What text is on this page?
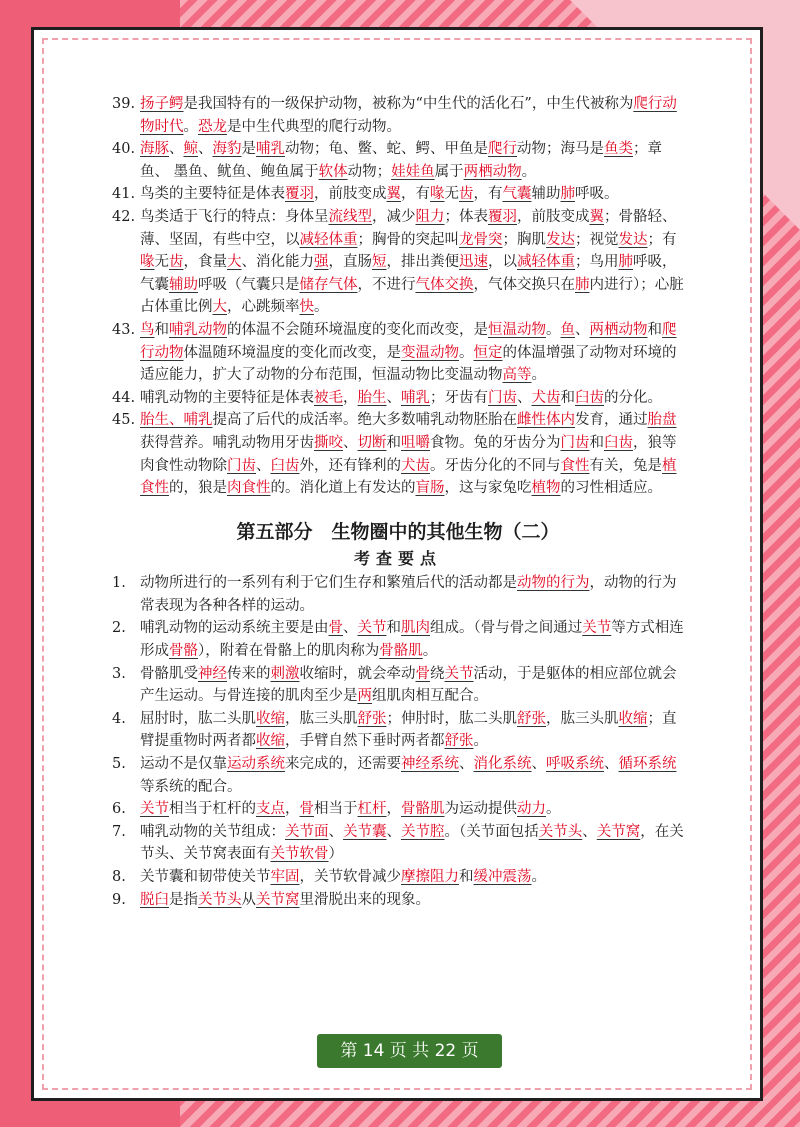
39. 扬子鳄是我国特有的一级保护动物，被称为“中生代的活化石”，中生代被称为爬行动物时代。恐龙是中生代典型的爬行动物。
40. 海豚、鲸、海豹是哺乳动物；龟、鳖、蛇、鳄、甲鱼是爬行动物；海马是鱼类；章鱼、 墨鱼、鱿鱼、鲍鱼属于软体动物；娃娃鱼属于两栖动物。
41. 鸟类的主要特征是体表覆羽，前肢变成翼，有喙无齿，有气囊辅助肺呼吸。
42. 鸟类适于飞行的特点：身体呈流线型，减少阻力；体表覆羽，前肢变成翼；骨骼轻、薄、坚固，有些中空，以减轻体重；胸骨的突起叫龙骨突；胸肌发达；视觉发达；有喙无齿，食量大、消化能力强，直肠短，排出粪便迅速，以减轻体重；鸟用肺呼吸，气囊辅助呼吸（气囊只是储存气体，不进行气体交换，气体交换只在肺内进行）；心脏占体重比例大，心跳频率快。
43. 鸟和哺乳动物的体温不会随环境温度的变化而改变，是恒温动物。鱼、两栖动物和爬行动物体温随环境温度的变化而改变，是变温动物。恒定的体温增强了动物对环境的适应能力，扩大了动物的分布范围，恒温动物比变温动物高等。
44. 哺乳动物的主要特征是体表被毛，胎生、哺乳；牙齿有门齿、犬齿和臼齿的分化。
45. 胎生、哺乳提高了后代的成活率。绝大多数哺乳动物胚胎在雌性体内发育，通过胎盘获得营养。哺乳动物用牙齿撕咬、切断和咀嚼食物。兔的牙齿分为门齿和臼齿，狼等肉食性动物除门齿、臼齿外，还有锋利的犬齿。牙齿分化的不同与食性有关，兔是植食性的，狼是肉食性的。消化道上有发达的盲肠，这与家兔吃植物的习性相适应。
第五部分　生物圈中的其他生物（二）
考查要点
1. 动物所进行的一系列有利于它们生存和繁殖后代的活动都是动物的行为，动物的行为常表现为各种各样的运动。
2. 哺乳动物的运动系统主要是由骨、关节和肌肉组成。（骨与骨之间通过关节等方式相连形成骨骼），附着在骨骼上的肌肉称为骨骼肌。
3. 骨骼肌受神经传来的刺激收缩时，就会牵动骨绕关节活动，于是躯体的相应部位就会产生运动。与骨连接的肌肉至少是两组肌肉相互配合。
4. 屈肘时，肱二头肌收缩，肱三头肌舒张；伸肘时，肱二头肌舒张，肱三头肌收缩；直臂提重物时两者都收缩，手臂自然下垂时两者都舒张。
5. 运动不是仅靠运动系统来完成的，还需要神经系统、消化系统、呼吸系统、循环系统等系统的配合。
6. 关节相当于杠杆的支点，骨相当于杠杆，骨骼肌为运动提供动力。
7. 哺乳动物的关节组成：关节面、关节囊、关节腔。（关节面包括关节头、关节窝，在关节头、关节窝表面有关节软骨）
8. 关节囊和韧带使关节牢固，关节软骨减少摩擦阻力和缓冲震荡。
9. 脱臼是指关节头从关节窝里滑脱出来的现象。
第 14 页 共 22 页
